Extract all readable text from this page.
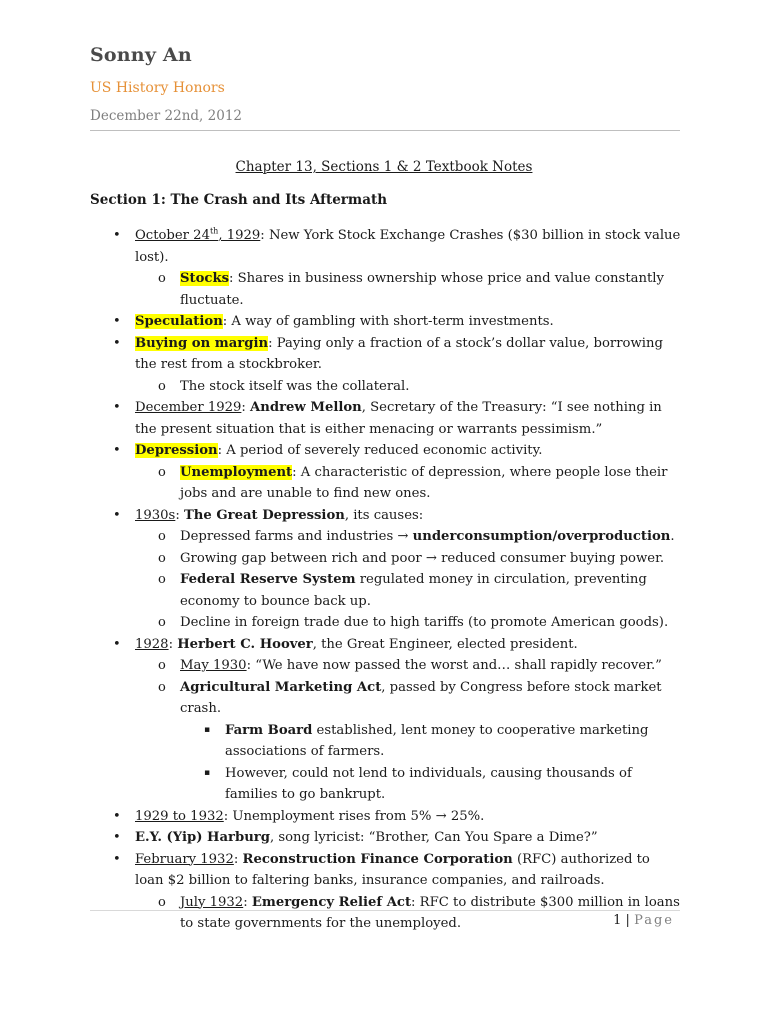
Sonny An
US History Honors
December 22nd, 2012
Chapter 13, Sections 1 & 2 Textbook Notes
Section 1: The Crash and Its Aftermath
• October 24th, 1929: New York Stock Exchange Crashes ($30 billion in stock value lost).
o Stocks: Shares in business ownership whose price and value constantly fluctuate.
• Speculation: A way of gambling with short-term investments.
• Buying on margin: Paying only a fraction of a stock’s dollar value, borrowing the rest from a stockbroker.
o The stock itself was the collateral.
• December 1929: Andrew Mellon, Secretary of the Treasury: “I see nothing in the present situation that is either menacing or warrants pessimism.”
• Depression: A period of severely reduced economic activity.
o Unemployment: A characteristic of depression, where people lose their jobs and are unable to find new ones.
• 1930s: The Great Depression, its causes:
o Depressed farms and industries → underconsumption/overproduction.
o Growing gap between rich and poor → reduced consumer buying power.
o Federal Reserve System regulated money in circulation, preventing economy to bounce back up.
o Decline in foreign trade due to high tariffs (to promote American goods).
• 1928: Herbert C. Hoover, the Great Engineer, elected president.
o May 1930: “We have now passed the worst and… shall rapidly recover.”
o Agricultural Marketing Act, passed by Congress before stock market crash.
▪ Farm Board established, lent money to cooperative marketing associations of farmers.
▪ However, could not lend to individuals, causing thousands of families to go bankrupt.
• 1929 to 1932: Unemployment rises from 5% → 25%.
• E.Y. (Yip) Harburg, song lyricist: “Brother, Can You Spare a Dime?”
• February 1932: Reconstruction Finance Corporation (RFC) authorized to loan $2 billion to faltering banks, insurance companies, and railroads.
o July 1932: Emergency Relief Act: RFC to distribute $300 million in loans to state governments for the unemployed.	1 | Page
